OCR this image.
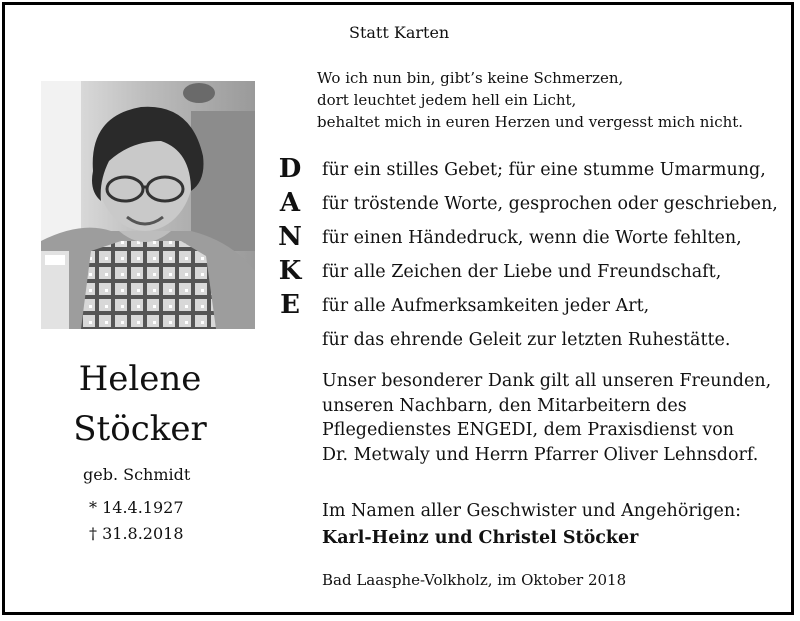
Statt Karten
Wo ich nun bin, gibt’s keine Schmerzen,
dort leuchtet jedem hell ein Licht,
behaltet mich in euren Herzen und vergesst mich nicht.
Helene
Stöcker
geb. Schmidt
* 14.4.1927
† 31.8.2018
D
A
N
K
E
für ein stilles Gebet; für eine stumme Umarmung,
für tröstende Worte, gesprochen oder geschrieben,
für einen Händedruck, wenn die Worte fehlten,
für alle Zeichen der Liebe und Freundschaft,
für alle Aufmerksamkeiten jeder Art,
für das ehrende Geleit zur letzten Ruhestätte.
Unser besonderer Dank gilt all unseren Freunden,
unseren Nachbarn, den Mitarbeitern des
Pflegedienstes ENGEDI, dem Praxisdienst von
Dr. Metwaly und Herrn Pfarrer Oliver Lehnsdorf.
Im Namen aller Geschwister und Angehörigen:
Karl-Heinz und Christel Stöcker
Bad Laasphe-Volkholz, im Oktober 2018
